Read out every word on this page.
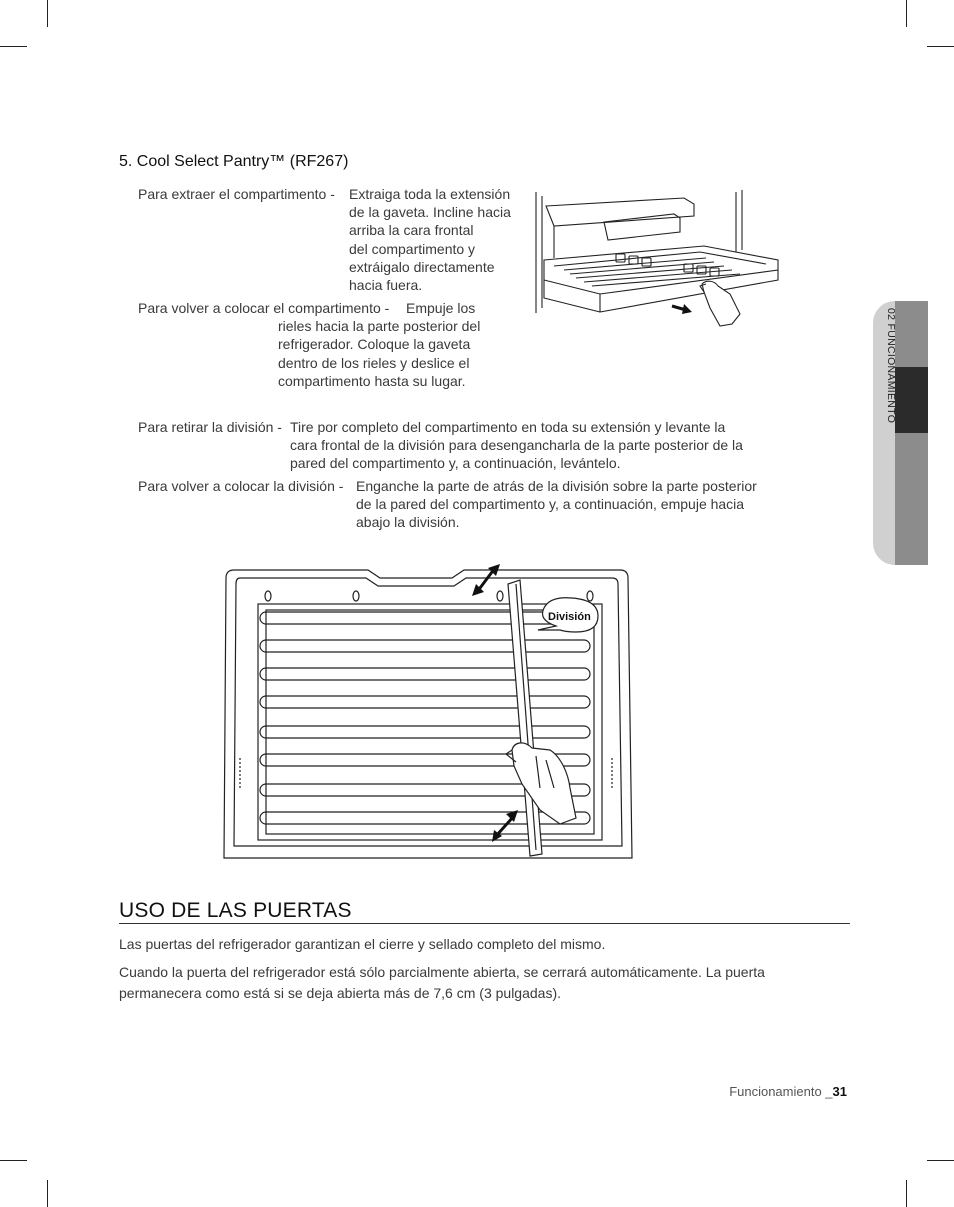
5. Cool Select Pantry™ (RF267)
Para extraer el compartimento - Extraiga toda la extensión
de la gaveta. Incline hacia
arriba la cara frontal
del compartimento y
extráigalo directamente
hacia fuera.
Para volver a colocar el compartimento -	Empuje los
rieles hacia la parte posterior del
refrigerador. Coloque la gaveta
dentro de los rieles y deslice el
compartimento hasta su lugar.
Para retirar la división - Tire por completo del compartimento en toda su extensión y levante la
cara frontal de la división para desengancharla de la parte posterior de la
pared del compartimento y, a continuación, levántelo.
Para volver a colocar la división - Enganche la parte de atrás de la división sobre la parte posterior
de la pared del compartimento y, a continuación, empuje hacia
abajo la división.
División
USO DE LAS PUERTAS
Las puertas del refrigerador garantizan el cierre y sellado completo del mismo.
Cuando la puerta del refrigerador está sólo parcialmente abierta, se cerrará automáticamente. La puerta
permanecera como está si se deja abierta más de 7,6 cm (3 pulgadas).
02 FUNCIONAMIENTO
Funcionamiento _31
